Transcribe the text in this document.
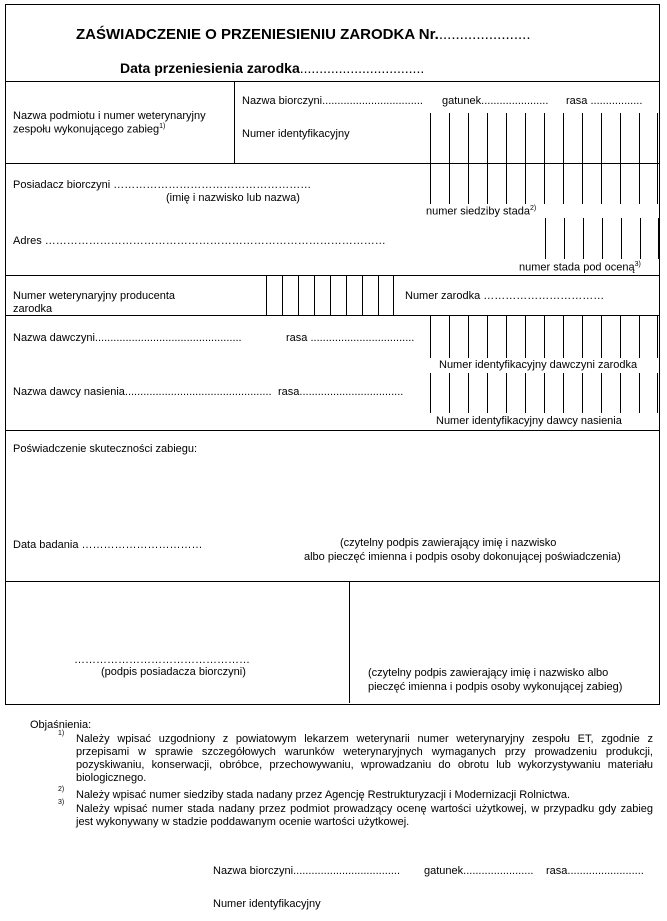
ZAŚWIADCZENIE O PRZENIESIENIU ZARODKA Nr.......................
Data przeniesienia zarodka................................
Nazwa podmiotu i numer weterynaryjny
zespołu wykonującego zabieg$^{1)}$
Nazwa biorczyni................................. gatunek...................... rasa .................
Numer identyfikacyjny
Posiadacz biorczyni ………………………………………………
(imię i nazwisko lub nazwa)
numer siedziby stada$^{2)}$
Adres …………………………………………………………………………………
numer stada pod oceną$^{3)}$
Numer weterynaryjny producenta
zarodka
Numer zarodka ……………………………
Nazwa dawczyni................................................	rasa ..................................
Numer identyfikacyjny dawczyni zarodka
Nazwa dawcy nasienia................................................ rasa..................................
Numer identyfikacyjny dawcy nasienia
Poświadczenie skuteczności zabiegu:
Data badania ……………………………	(czytelny podpis zawierający imię i nazwisko
albo pieczęć imienna i podpis osoby dokonującej poświadczenia)
…………………………………………
(podpis posiadacza biorczyni)	(czytelny podpis zawierający imię i nazwisko albo
pieczęć imienna i podpis osoby wykonującej zabieg)
Objaśnienia:
1) Należy wpisać uzgodniony z powiatowym lekarzem weterynarii numer weterynaryjny zespołu ET, zgodnie z przepisami w sprawie szczegółowych warunków weterynaryjnych wymaganych przy prowadzeniu produkcji, pozyskiwaniu, konserwacji, obróbce, przechowywaniu, wprowadzaniu do obrotu lub wykorzystywaniu materiału biologicznego.
2) Należy wpisać numer siedziby stada nadany przez Agencję Restrukturyzacji i Modernizacji Rolnictwa.
3)
Należy wpisać numer stada nadany przez podmiot prowadzący ocenę wartości użytkowej, w przypadku gdy zabieg jest wykonywany w stadzie poddawanym ocenie wartości użytkowej.
Nazwa biorczyni................................... gatunek....................... rasa.........................
Numer identyfikacyjny
